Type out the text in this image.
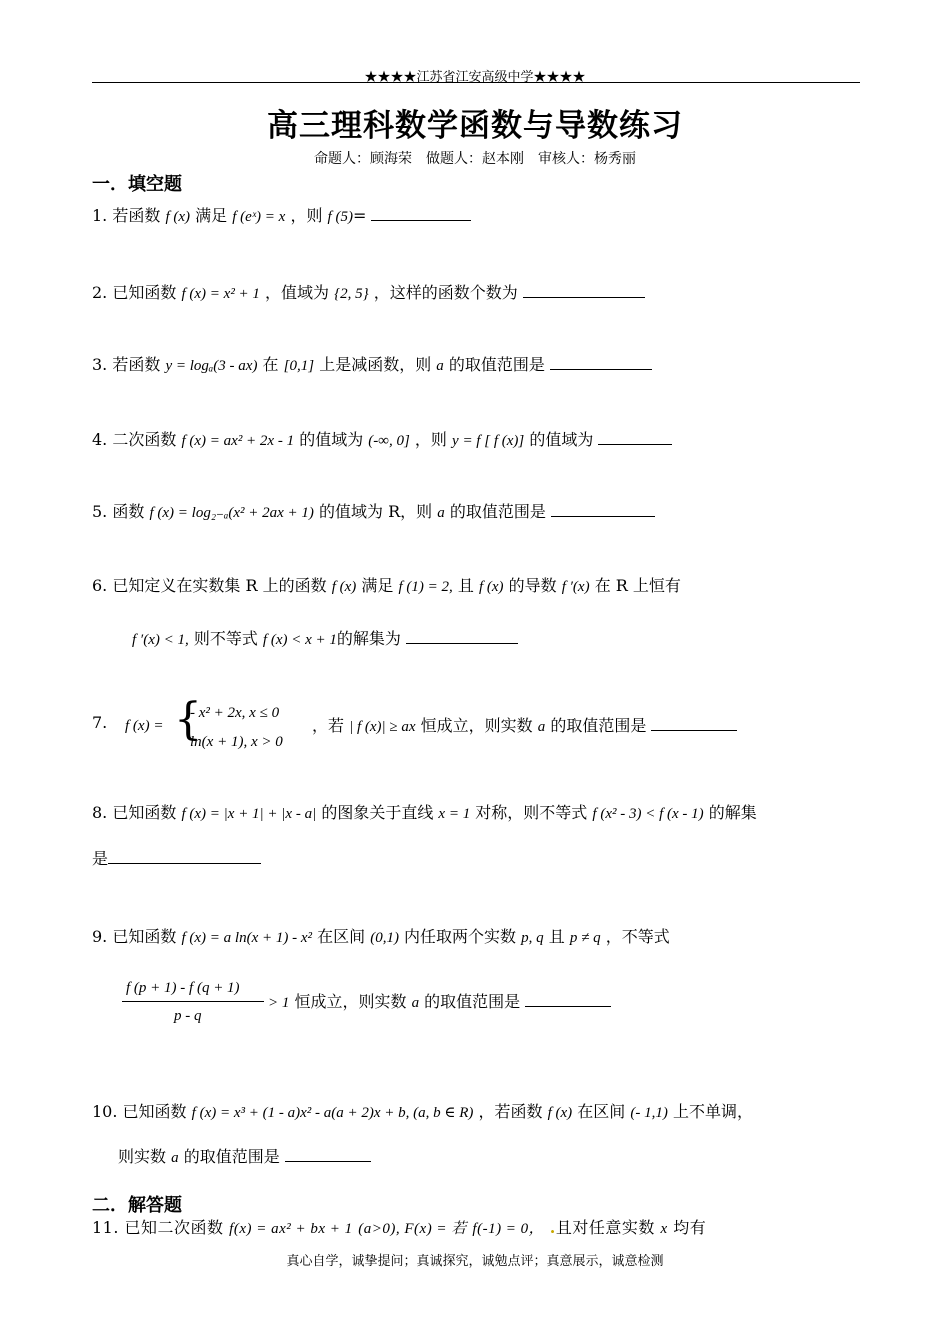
★★★★江苏省江安高级中学★★★★
高三理科数学函数与导数练习
命题人：顾海荣　做题人：赵本刚　审核人：杨秀丽
一．填空题
1. 若函数 f (x) 满足 f (eˣ) = x ，则 f (5)=
2. 已知函数 f (x) = x² + 1 ，值域为 {2, 5} ，这样的函数个数为
3. 若函数 y = logₐ(3 - ax) 在 [0,1] 上是减函数，则 a 的取值范围是
4. 二次函数 f (x) = ax² + 2x - 1 的值域为 (-∞, 0] ，则 y = f [ f (x)] 的值域为
5. 函数 f (x) = log₂₋ₐ(x² + 2ax + 1) 的值域为 R，则 a 的取值范围是
6. 已知定义在实数集 R 上的函数 f (x) 满足 f (1) = 2, 且 f (x) 的导数 f ′(x) 在 R 上恒有
f ′(x) < 1, 则不等式 f (x) < x + 1的解集为
7. f (x) = {
- x² + 2x, x ≤ 0
ln(x + 1), x > 0
，若 | f (x)| ≥ ax 恒成立，则实数 a 的取值范围是
8. 已知函数 f (x) = |x + 1| + |x - a| 的图象关于直线 x = 1 对称，则不等式 f (x² - 3) < f (x - 1) 的解集
是
9. 已知函数 f (x) = a ln(x + 1) - x² 在区间 (0,1) 内任取两个实数 p, q 且 p ≠ q ，不等式
f (p + 1) - f (q + 1)
p - q
> 1 恒成立，则实数 a 的取值范围是
10. 已知函数 f (x) = x³ + (1 - a)x² - a(a + 2)x + b, (a, b ∈ R) ，若函数 f (x) 在区间 (- 1,1) 上不单调，
则实数 a 的取值范围是
二．解答题
11. 已知二次函数 f(x) = ax² + bx + 1 (a>0), F(x) = 若 f(-1) = 0， .且对任意实数 x 均有
真心自学，诚挚提问；真诚探究，诚勉点评；真意展示，诚意检测
